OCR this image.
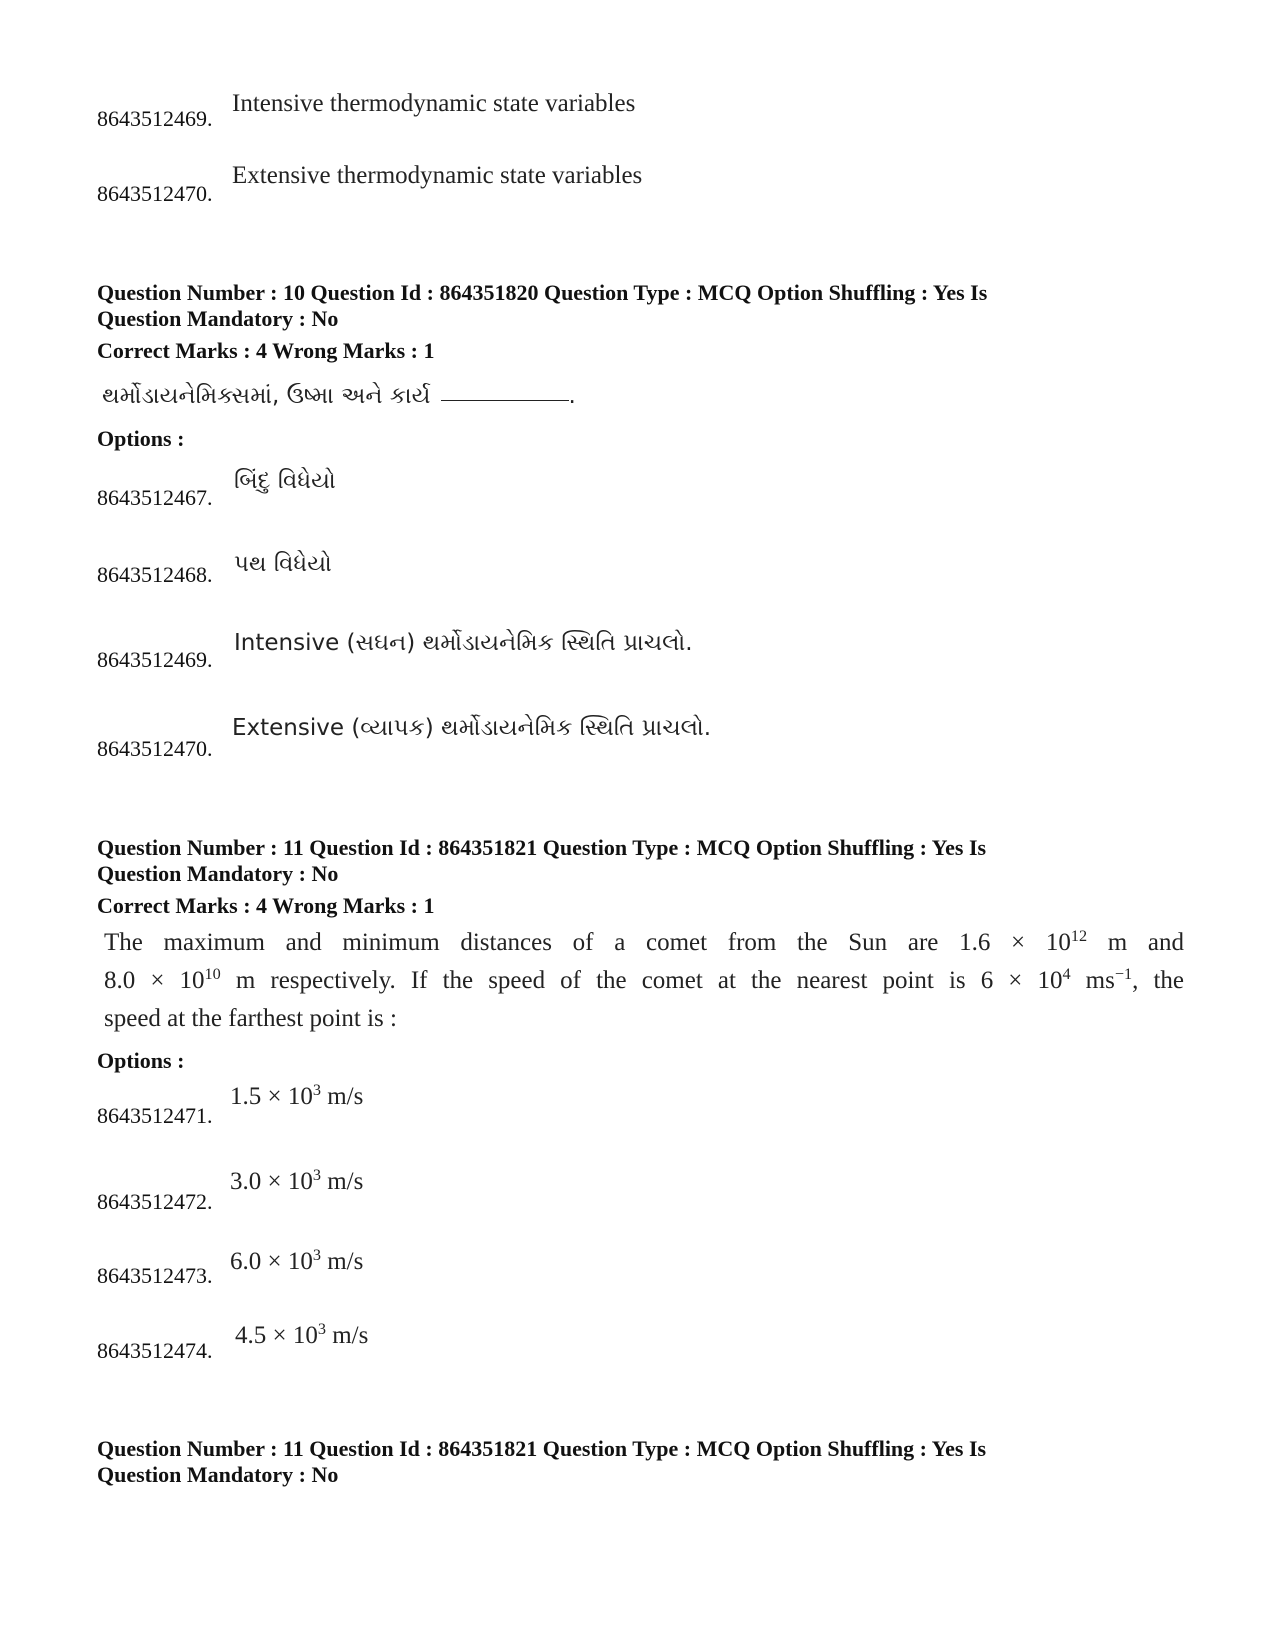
8643512469.
Intensive thermodynamic state variables
8643512470.
Extensive thermodynamic state variables
Question Number : 10 Question Id : 864351820 Question Type : MCQ Option Shuffling : Yes Is
Question Mandatory : No
Correct Marks : 4 Wrong Marks : 1
થર્મોડાયનેમિક્સમાં, ઉષ્મા અને કાર્ય	.
Options :
8643512467.
બિંદુ વિધેયો
8643512468. પથ વિધેયો
8643512469.
Intensive (સઘન) થર્મોડાયનેમિક સ્થિતિ પ્રાચલો.
8643512470.
Extensive (વ્યાપક) થર્મોડાયનેમિક સ્થિતિ પ્રાચલો.
Question Number : 11 Question Id : 864351821 Question Type : MCQ Option Shuffling : Yes Is
Question Mandatory : No
Correct Marks : 4 Wrong Marks : 1
The maximum and minimum distances of a comet from the Sun are $1.6 \times 10^{12}$ m and
$8.0 \times 10^{10}$ m respectively. If the speed of the comet at the nearest point is $6 \times 10^4$ $ms^{-1}$, the
speed at the farthest point is :
Options :
8643512471.
$1.5 \times 10^3$ m/s
8643512472.
$3.0 \times 10^3$ m/s
8643512473.
$6.0 \times 10^3$ m/s
8643512474.
$4.5 \times 10^3$ m/s
Question Number : 11 Question Id : 864351821 Question Type : MCQ Option Shuffling : Yes Is
Question Mandatory : No
